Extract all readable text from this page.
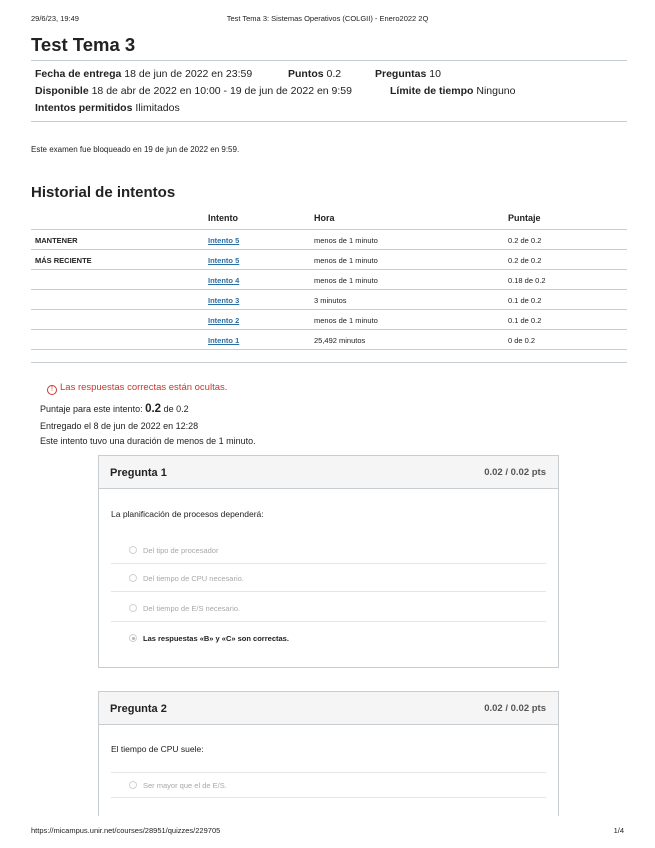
29/6/23, 19:49	Test Tema 3: Sistemas Operativos (COLGII) - Enero2022 2Q
Test Tema 3
Fecha de entrega 18 de jun de 2022 en 23:59	Puntos 0.2	Preguntas 10
Disponible 18 de abr de 2022 en 10:00 - 19 de jun de 2022 en 9:59	Límite de tiempo Ninguno
Intentos permitidos Ilimitados

Este examen fue bloqueado en 19 de jun de 2022 en 9:59.

Historial de intentos
Intento	Hora	Puntaje
MANTENER	Intento 5	menos de 1 minuto	0.2 de 0.2
MÁS RECIENTE	Intento 5	menos de 1 minuto	0.2 de 0.2
Intento 4	menos de 1 minuto	0.18 de 0.2
Intento 3	3 minutos	0.1 de 0.2
Intento 2	menos de 1 minuto	0.1 de 0.2
Intento 1	25,492 minutos	0 de 0.2
! Las respuestas correctas están ocultas.
Puntaje para este intento: 0.2 de 0.2
Entregado el 8 de jun de 2022 en 12:28
Este intento tuvo una duración de menos de 1 minuto.
Pregunta 1	0.02 / 0.02 pts

La planificación de procesos dependerá:

Del tipo de procesador
Del tiempo de CPU necesario.
Del tiempo de E/S necesario.
Las respuestas «B» y «C» son correctas.
Pregunta 2	0.02 / 0.02 pts

El tiempo de CPU suele:

Ser mayor que el de E/S.
https://micampus.unir.net/courses/28951/quizzes/229705	1/4
